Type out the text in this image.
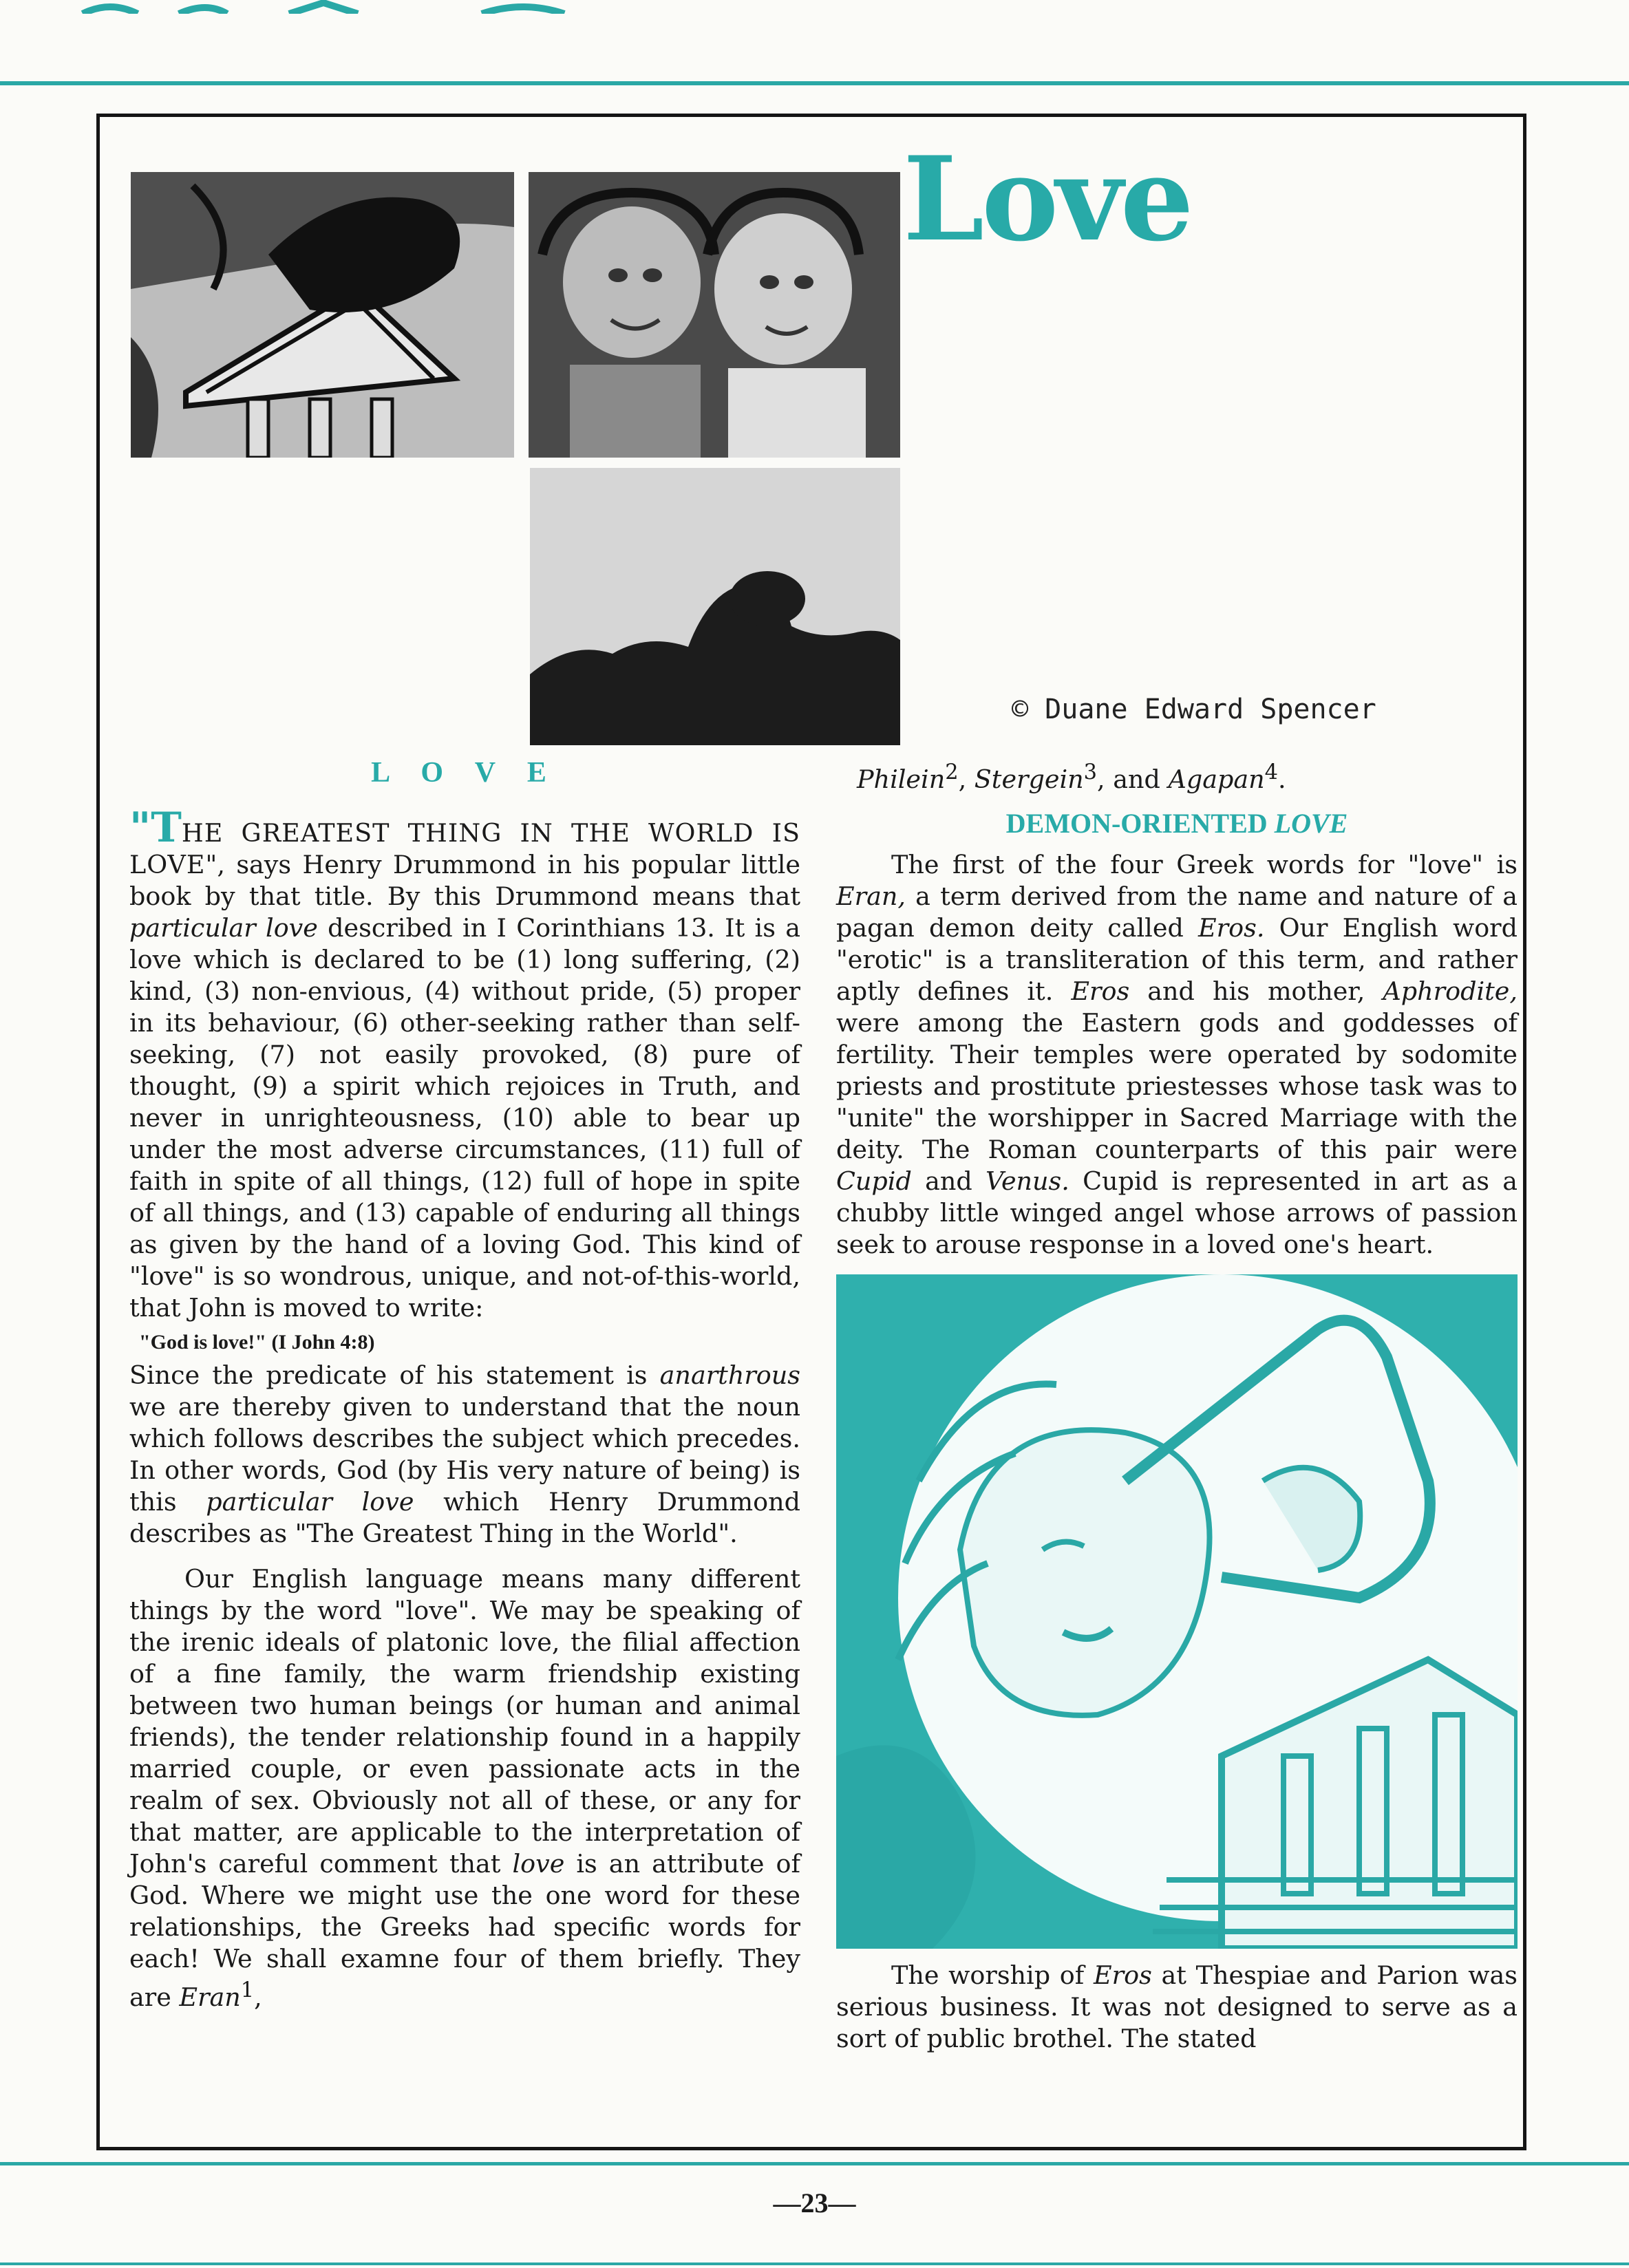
Love
© Duane Edward Spencer
L O V E

"THE GREATEST THING IN THE WORLD IS LOVE", says Henry Drummond in his popular little book by that title. By this Drummond means that particular love described in I Corinthians 13. It is a love which is declared to be (1) long suffering, (2) kind, (3) non-envious, (4) without pride, (5) proper in its behaviour, (6) other-seeking rather than self-seeking, (7) not easily provoked, (8) pure of thought, (9) a spirit which rejoices in Truth, and never in unrighteousness, (10) able to bear up under the most adverse circumstances, (11) full of faith in spite of all things, (12) full of hope in spite of all things, and (13) capable of enduring all things as given by the hand of a loving God. This kind of "love" is so wondrous, unique, and not-of-this-world, that John is moved to write:

"God is love!" (I John 4:8)

Since the predicate of his statement is anarthrous we are thereby given to understand that the noun which follows describes the subject which precedes. In other words, God (by His very nature of being) is this particular love which Henry Drummond describes as "The Greatest Thing in the World".

Our English language means many different things by the word "love". We may be speaking of the irenic ideals of platonic love, the filial affection of a fine family, the warm friendship existing between two human beings (or human and animal friends), the tender relationship found in a happily married couple, or even passionate acts in the realm of sex. Obviously not all of these, or any for that matter, are applicable to the interpretation of John's careful comment that love is an attribute of God. Where we might use the one word for these relationships, the Greeks had specific words for each! We shall examne four of them briefly. They are Eran$^1$,

Philein$^2$, Stergein$^3$, and Agapan$^4$.

DEMON-ORIENTED LOVE

The first of the four Greek words for "love" is Eran, a term derived from the name and nature of a pagan demon deity called Eros. Our English word "erotic" is a transliteration of this term, and rather aptly defines it. Eros and his mother, Aphrodite, were among the Eastern gods and goddesses of fertility. Their temples were operated by sodomite priests and prostitute priestesses whose task was to "unite" the worshipper in Sacred Marriage with the deity. The Roman counterparts of this pair were Cupid and Venus. Cupid is represented in art as a chubby little winged angel whose arrows of passion seek to arouse response in a loved one's heart.

The worship of Eros at Thespiae and Parion was serious business. It was not designed to serve as a sort of public brothel. The stated

—23—
